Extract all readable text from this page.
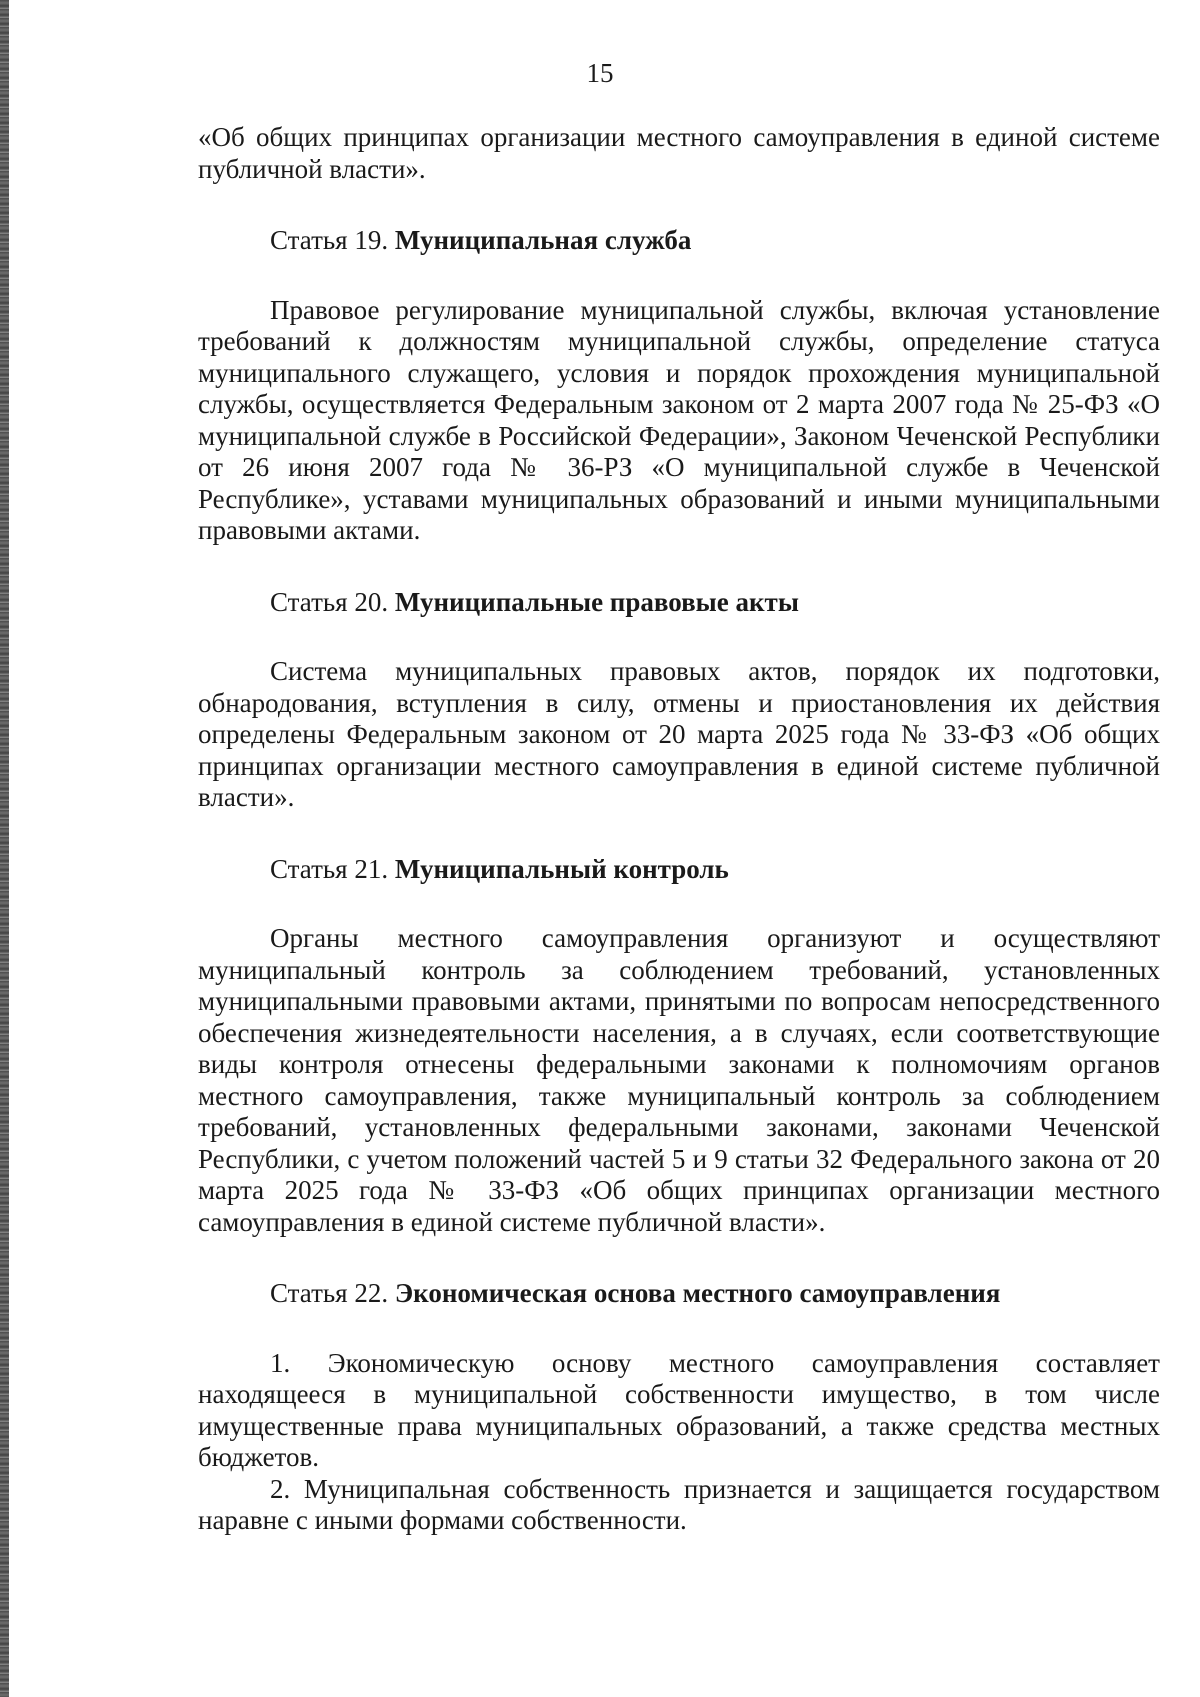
15

«Об общих принципах организации местного самоуправления в единой системе публичной власти».

Статья 19. Муниципальная служба

Правовое регулирование муниципальной службы, включая установление требований к должностям муниципальной службы, определение статуса муниципального служащего, условия и порядок прохождения муниципальной службы, осуществляется Федеральным законом от 2 марта 2007 года № 25-ФЗ «О муниципальной службе в Российской Федерации», Законом Чеченской Республики от 26 июня 2007 года № 36-РЗ «О муниципальной службе в Чеченской Республике», уставами муниципальных образований и иными муниципальными правовыми актами.

Статья 20. Муниципальные правовые акты

Система муниципальных правовых актов, порядок их подготовки, обнародования, вступления в силу, отмены и приостановления их действия определены Федеральным законом от 20 марта 2025 года № 33-ФЗ «Об общих принципах организации местного самоуправления в единой системе публичной власти».

Статья 21. Муниципальный контроль

Органы местного самоуправления организуют и осуществляют муниципальный контроль за соблюдением требований, установленных муниципальными правовыми актами, принятыми по вопросам непосредственного обеспечения жизнедеятельности населения, а в случаях, если соответствующие виды контроля отнесены федеральными законами к полномочиям органов местного самоуправления, также муниципальный контроль за соблюдением требований, установленных федеральными законами, законами Чеченской Республики, с учетом положений частей 5 и 9 статьи 32 Федерального закона от 20 марта 2025 года № 33-ФЗ «Об общих принципах организации местного самоуправления в единой системе публичной власти».

Статья 22. Экономическая основа местного самоуправления

1. Экономическую основу местного самоуправления составляет находящееся в муниципальной собственности имущество, в том числе имущественные права муниципальных образований, а также средства местных бюджетов.

2. Муниципальная собственность признается и защищается государством наравне с иными формами собственности.
